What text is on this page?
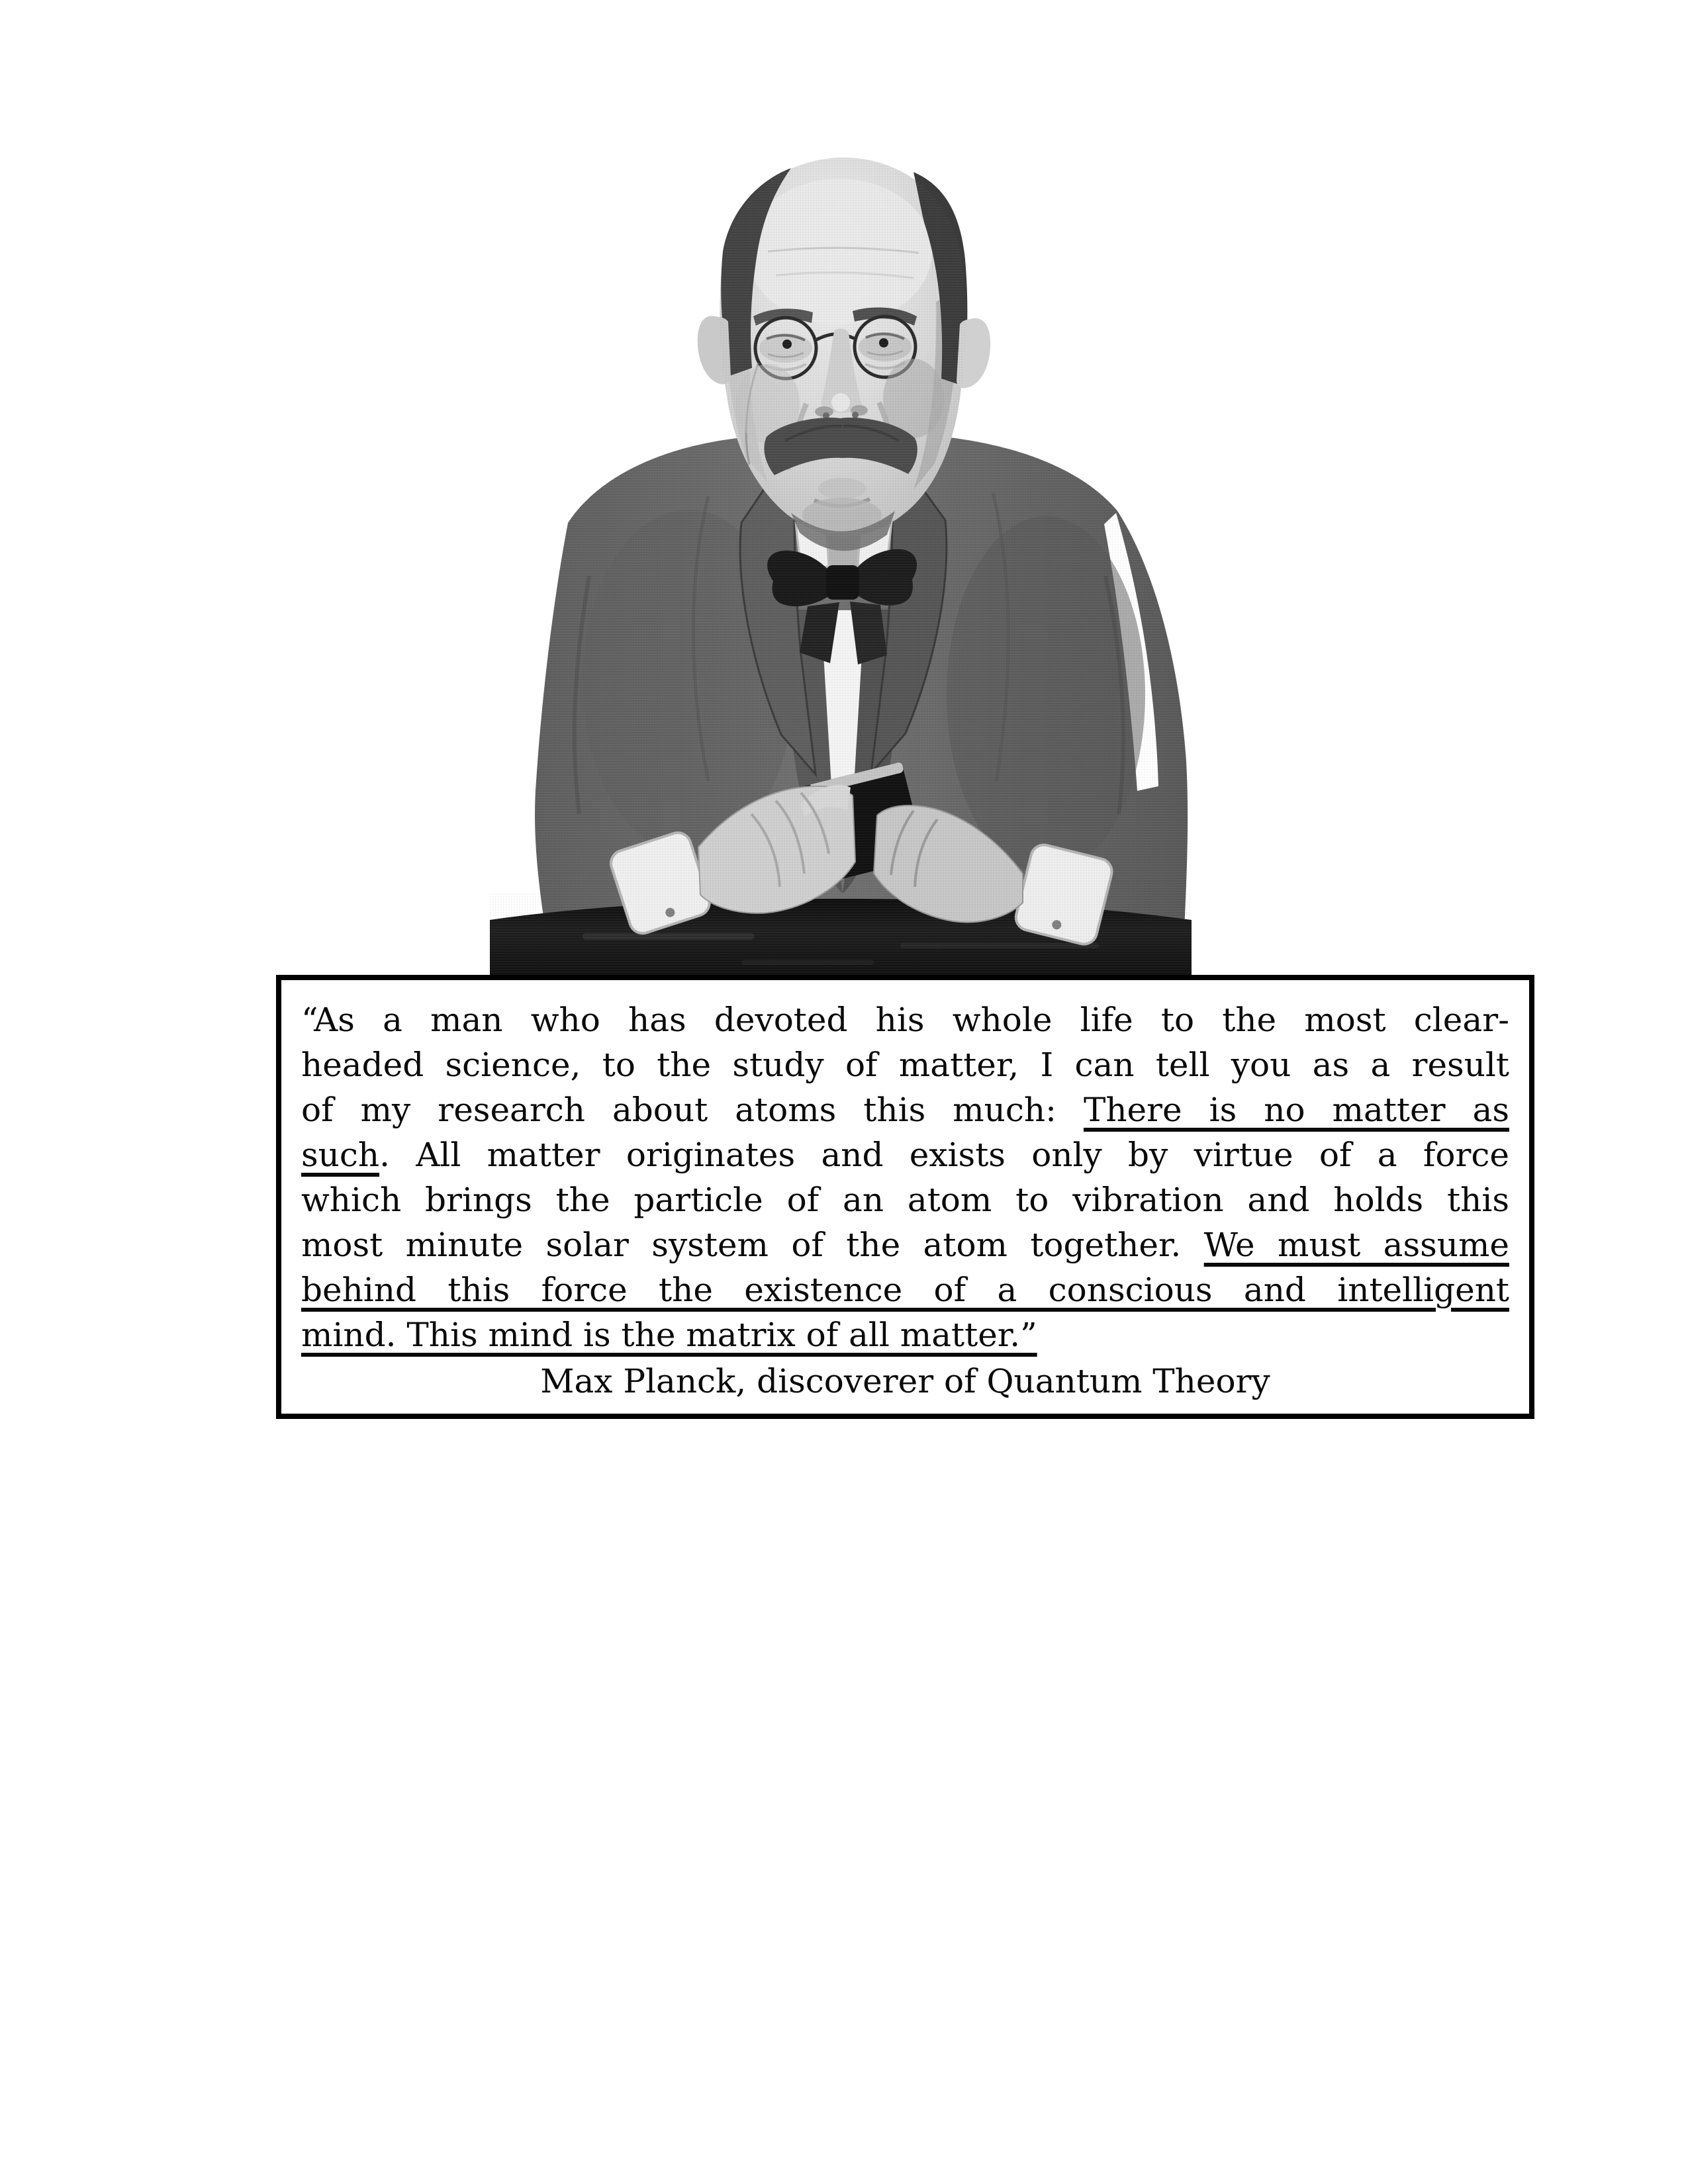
“As a man who has devoted his whole life to the most clear-
headed science, to the study of matter, I can tell you as a result
of my research about atoms this much: There is no matter as
such. All matter originates and exists only by virtue of a force
which brings the particle of an atom to vibration and holds this
most minute solar system of the atom together. We must assume
behind this force the existence of a conscious and intelligent
mind. This mind is the matrix of all matter.”
Max Planck, discoverer of Quantum Theory
